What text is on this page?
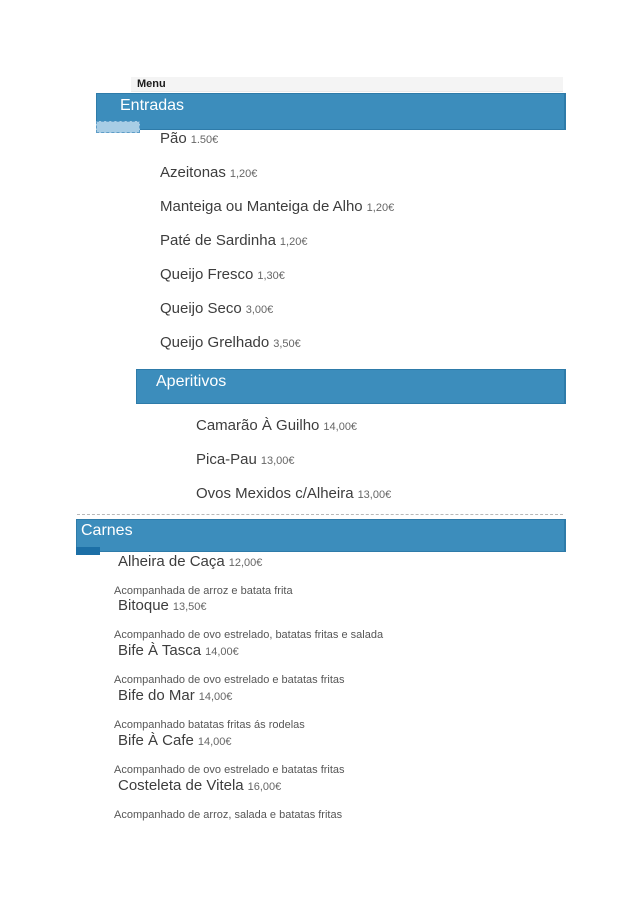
Menu
Entradas
Pão 1.50€
Azeitonas 1,20€
Manteiga ou Manteiga de Alho 1,20€
Paté de Sardinha 1,20€
Queijo Fresco 1,30€
Queijo Seco 3,00€
Queijo Grelhado 3,50€
Aperitivos
Camarão À Guilho 14,00€
Pica-Pau 13,00€
Ovos Mexidos c/Alheira 13,00€
Carnes
Alheira de Caça 12,00€
Acompanhada de arroz e batata frita
Bitoque 13,50€
Acompanhado de ovo estrelado, batatas fritas e salada
Bife À Tasca 14,00€
Acompanhado de ovo estrelado e batatas fritas
Bife do Mar 14,00€
Acompanhado batatas fritas ás rodelas
Bife À Cafe 14,00€
Acompanhado de ovo estrelado e batatas fritas
Costeleta de Vitela 16,00€
Acompanhado de arroz, salada e batatas fritas
